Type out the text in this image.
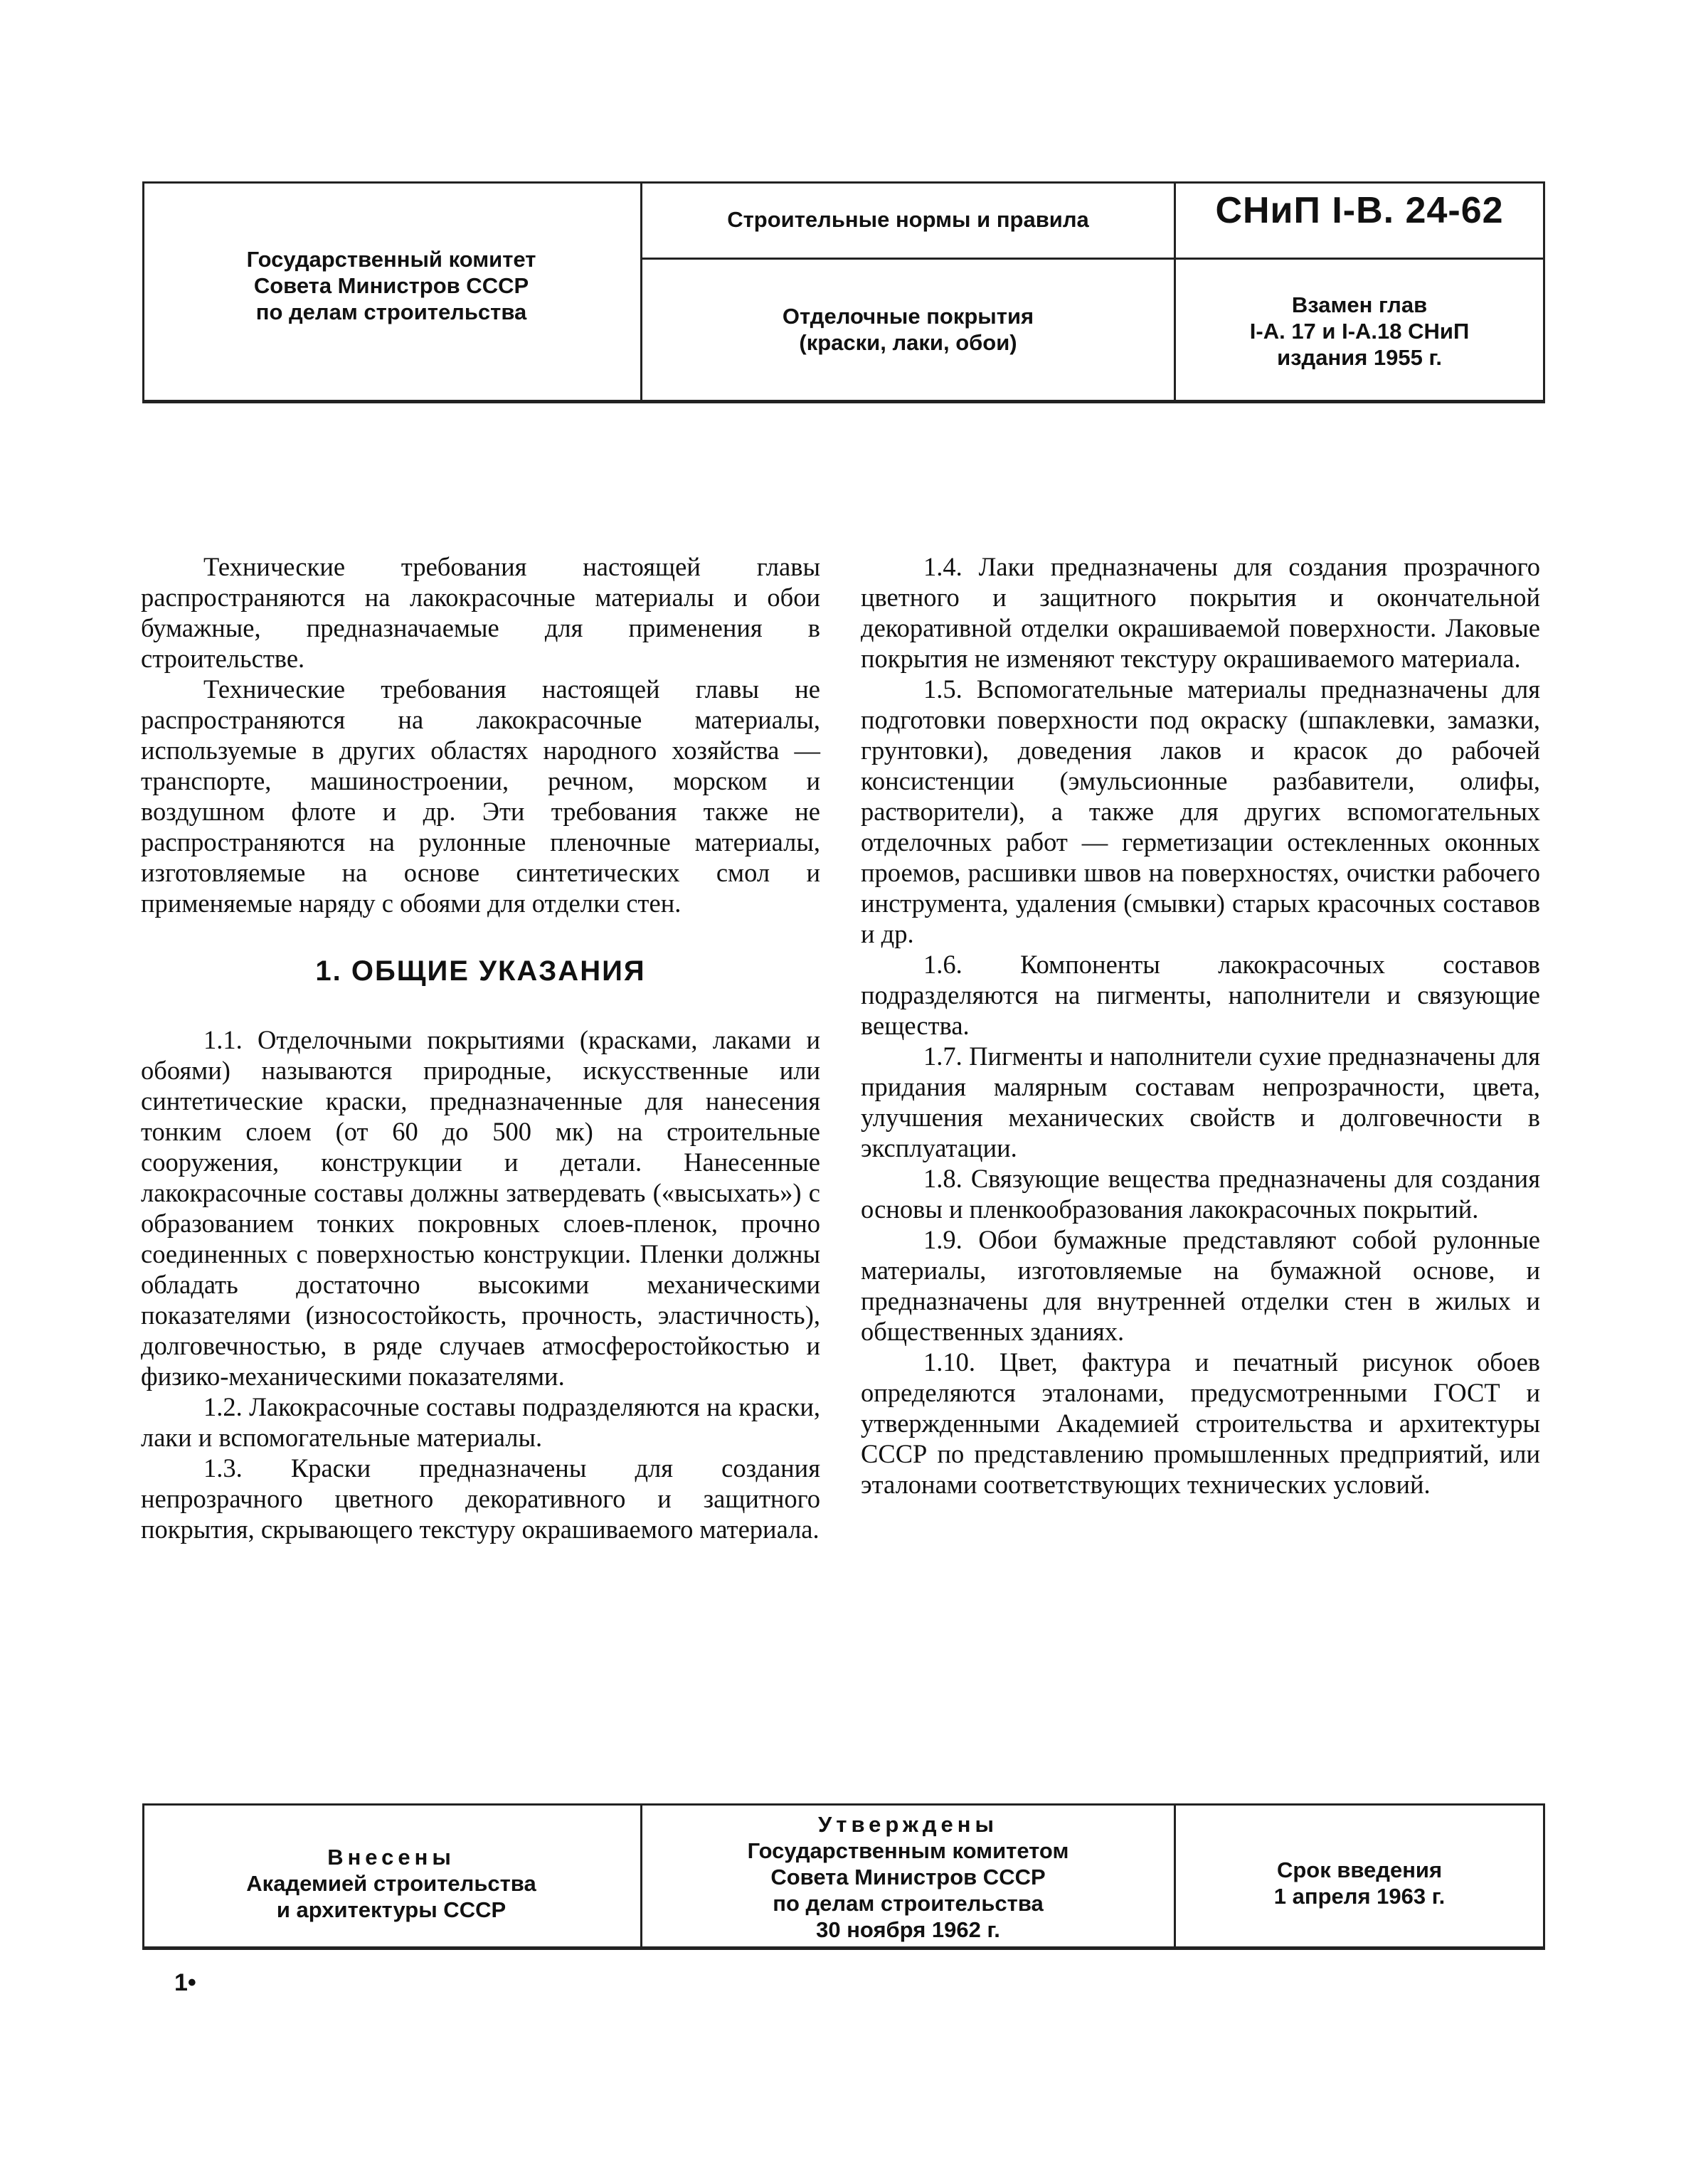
Государственный комитет
Совета Министров СССР
по делам строительства
Строительные нормы и правила
Отделочные покрытия
(краски, лаки, обои)
СНиП I-В. 24-62
Взамен глав
I-А. 17 и I-А.18 СНиП
издания 1955 г.

Технические требования настоящей главы распространяются на лакокрасочные материалы и обои бумажные, предназначаемые для применения в строительстве.

Технические требования настоящей главы не распространяются на лакокрасочные материалы, используемые в других областях народного хозяйства — транспорте, машиностроении, речном, морском и воздушном флоте и др. Эти требования также не распространяются на рулонные пленочные материалы, изготовляемые на основе синтетических смол и применяемые наряду с обоями для отделки стен.

1. ОБЩИЕ УКАЗАНИЯ

1.1. Отделочными покрытиями (красками, лаками и обоями) называются природные, искусственные или синтетические краски, предназначенные для нанесения тонким слоем (от 60 до 500 мк) на строительные сооружения, конструкции и детали. Нанесенные лакокрасочные составы должны затвердевать («высыхать») с образованием тонких покровных слоев-пленок, прочно соединенных с поверхностью конструкции. Пленки должны обладать достаточно высокими механическими показателями (износостойкость, прочность, эластичность), долговечностью, в ряде случаев атмосферостойкостью и физико-механическими показателями.

1.2. Лакокрасочные составы подразделяются на краски, лаки и вспомогательные материалы.

1.3. Краски предназначены для создания непрозрачного цветного декоративного и защитного покрытия, скрывающего текстуру окрашиваемого материала.

1.4. Лаки предназначены для создания прозрачного цветного и защитного покрытия и окончательной декоративной отделки окрашиваемой поверхности. Лаковые покрытия не изменяют текстуру окрашиваемого материала.

1.5. Вспомогательные материалы предназначены для подготовки поверхности под окраску (шпаклевки, замазки, грунтовки), доведения лаков и красок до рабочей консистенции (эмульсионные разбавители, олифы, растворители), а также для других вспомогательных отделочных работ — герметизации остекленных оконных проемов, расшивки швов на поверхностях, очистки рабочего инструмента, удаления (смывки) старых красочных составов и др.

1.6. Компоненты лакокрасочных составов подразделяются на пигменты, наполнители и связующие вещества.

1.7. Пигменты и наполнители сухие предназначены для придания малярным составам непрозрачности, цвета, улучшения механических свойств и долговечности в эксплуатации.

1.8. Связующие вещества предназначены для создания основы и пленкообразования лакокрасочных покрытий.

1.9. Обои бумажные представляют собой рулонные материалы, изготовляемые на бумажной основе, и предназначены для внутренней отделки стен в жилых и общественных зданиях.

1.10. Цвет, фактура и печатный рисунок обоев определяются эталонами, предусмотренными ГОСТ и утвержденными Академией строительства и архитектуры СССР по представлению промышленных предприятий, или эталонами соответствующих технических условий.

Внесены
Академией строительства
и архитектуры СССР
Утверждены
Государственным комитетом
Совета Министров СССР
по делам строительства
30 ноября 1962 г.
Срок введения
1 апреля 1963 г.
1•
